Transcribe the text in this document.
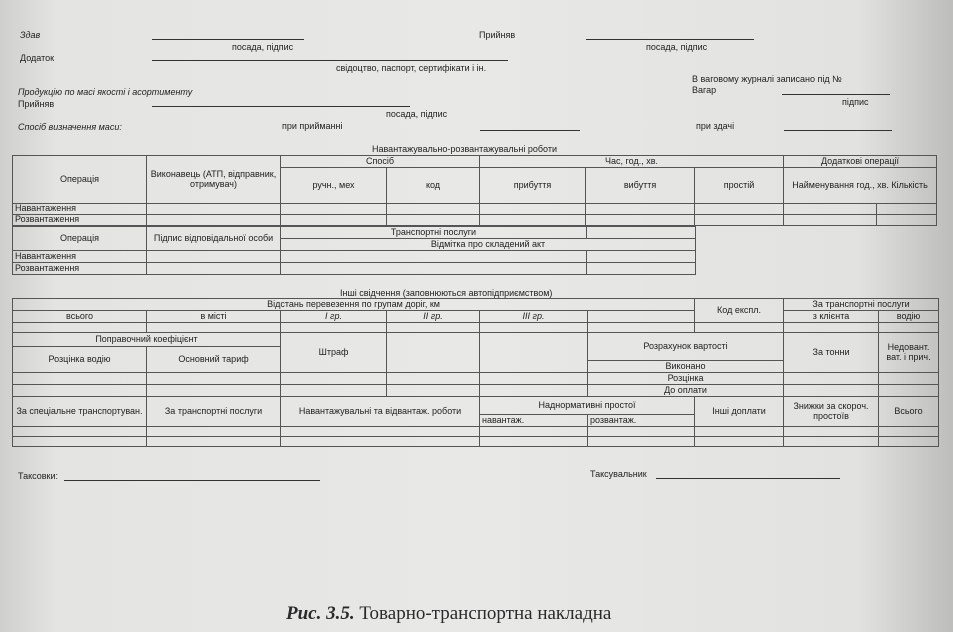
Здав
посада, підпис
Прийняв
посада, підпис
Додаток
свідоцтво, паспорт, сертифікати і ін.
В ваговому журналі записано під №
Продукцію по масі якості і асортименту	Вагар
підпис
Прийняв
посада, підпис
Спосіб визначення маси:	при прийманні	при здачі
Навантажувально-розвантажувальні роботи
Операція	Виконавець (АТП, відправник, отримувач)	Спосіб		Час, год., хв.			Додаткові операції	
		ручн., мех	код	прибуття	вибуття	простій	Найменування год., хв. Кількість	
Навантаження								
Розвантаження								
Операція	Підпис відповідальної особи	Транспортні послуги	
		Відмітка про складений акт	
Навантаження			
Розвантаження			
Інші свідчення (заповнюються автопідприємством)
Відстань перевезення по групам доріг, км						Код експл.	За транспортні послуги	
всього	в місті	I гр.	II гр.	III гр.			з клієнта	водію

Поправочний коефіцієнт		Штраф			Розрахунок вартості		За тонни	Недовант. ват. і прич.
Розцінка водію	Основний тариф							
					Виконано			
					Розцінка			
					До оплати			
За спеціальне транспортуван.	За транспортні послуги	Навантажувальні та відвантаж. роботи		Наднормативні простої		Інші доплати	Знижки за скороч. простоїв	Всього
				навантаж.	розвантаж.			

Таксовки:	Таксувальник
Рис. 3.5. Товарно-транспортна накладна
